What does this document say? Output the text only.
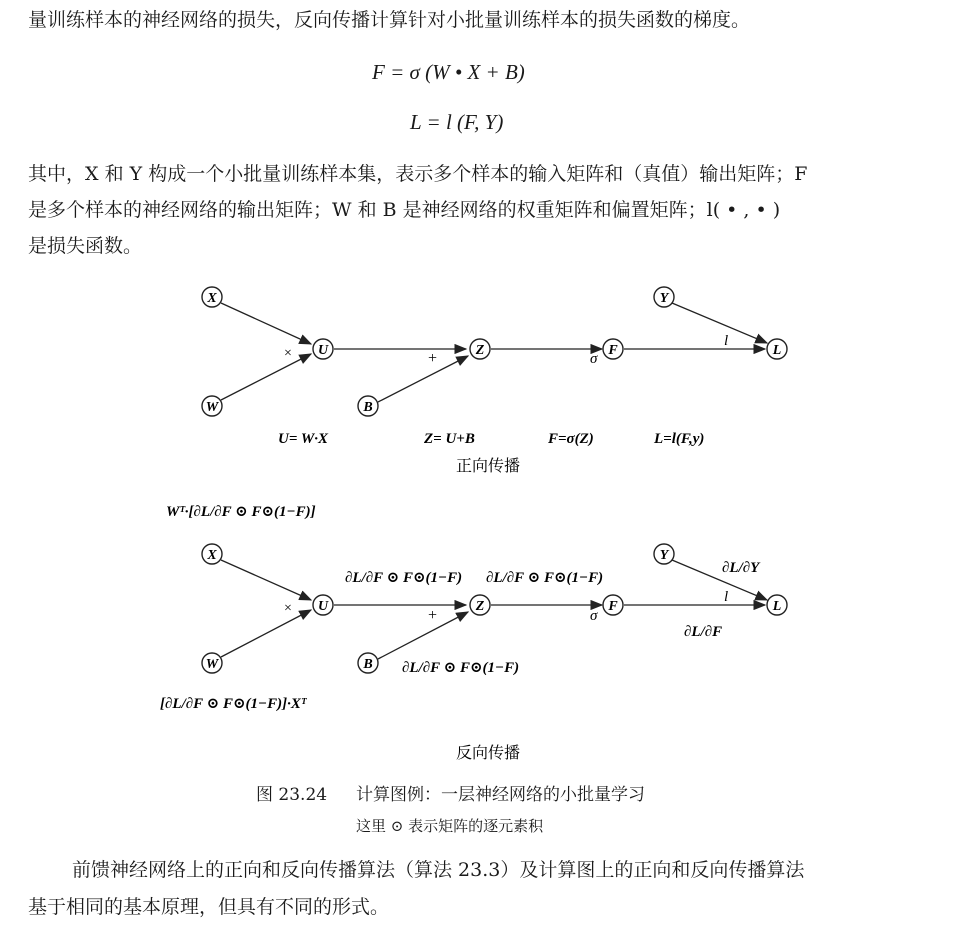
量训练样本的神经网络的损失，反向传播计算针对小批量训练样本的损失函数的梯度。
F = σ (W • X + B)
L = l (F, Y)
其中，X 和 Y 构成一个小批量训练样本集，表示多个样本的输入矩阵和（真值）输出矩阵；F
是多个样本的神经网络的输出矩阵；W 和 B 是神经网络的权重矩阵和偏置矩阵；l( • , • )
是损失函数。
X
W
U
B
Z	F
Y
L
×	+	σ
l
U= W·X	Z= U+B	F=σ(Z)	L=l(F,y)
正向传播
X
W
U
B
Z	F
Y
L
×	+	σ
l
Wᵀ·[∂L/∂F ⊙ F⊙(1−F)]
[∂L/∂F ⊙ F⊙(1−F)]·Xᵀ
∂L/∂F ⊙ F⊙(1−F) ∂L/∂F ⊙ F⊙(1−F)
∂L/∂F ⊙ F⊙(1−F)
∂L/∂Y
∂L/∂F
反向传播
图 23.24 计算图例：一层神经网络的小批量学习
这里 ⊙ 表示矩阵的逐元素积
前馈神经网络上的正向和反向传播算法（算法 23.3）及计算图上的正向和反向传播算法
基于相同的基本原理，但具有不同的形式。
